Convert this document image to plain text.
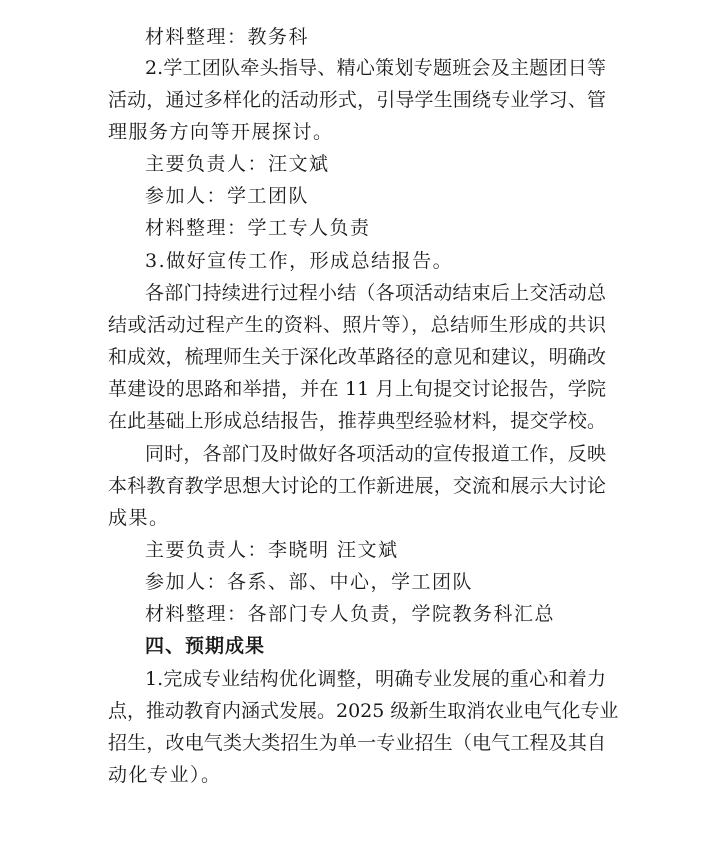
材料整理：教务科
2.学工团队牵头指导、精心策划专题班会及主题团日等
活动，通过多样化的活动形式，引导学生围绕专业学习、管
理服务方向等开展探讨。
主要负责人：汪文斌
参加人：学工团队
材料整理：学工专人负责
3.做好宣传工作，形成总结报告。
各部门持续进行过程小结（各项活动结束后上交活动总
结或活动过程产生的资料、照片等），总结师生形成的共识
和成效，梳理师生关于深化改革路径的意见和建议，明确改
革建设的思路和举措，并在 11 月上旬提交讨论报告，学院
在此基础上形成总结报告，推荐典型经验材料，提交学校。
同时，各部门及时做好各项活动的宣传报道工作，反映
本科教育教学思想大讨论的工作新进展，交流和展示大讨论
成果。
主要负责人：李晓明 汪文斌
参加人：各系、部、中心，学工团队
材料整理：各部门专人负责，学院教务科汇总
四、预期成果
1.完成专业结构优化调整，明确专业发展的重心和着力
点，推动教育内涵式发展。2025 级新生取消农业电气化专业
招生，改电气类大类招生为单一专业招生（电气工程及其自
动化专业）。
